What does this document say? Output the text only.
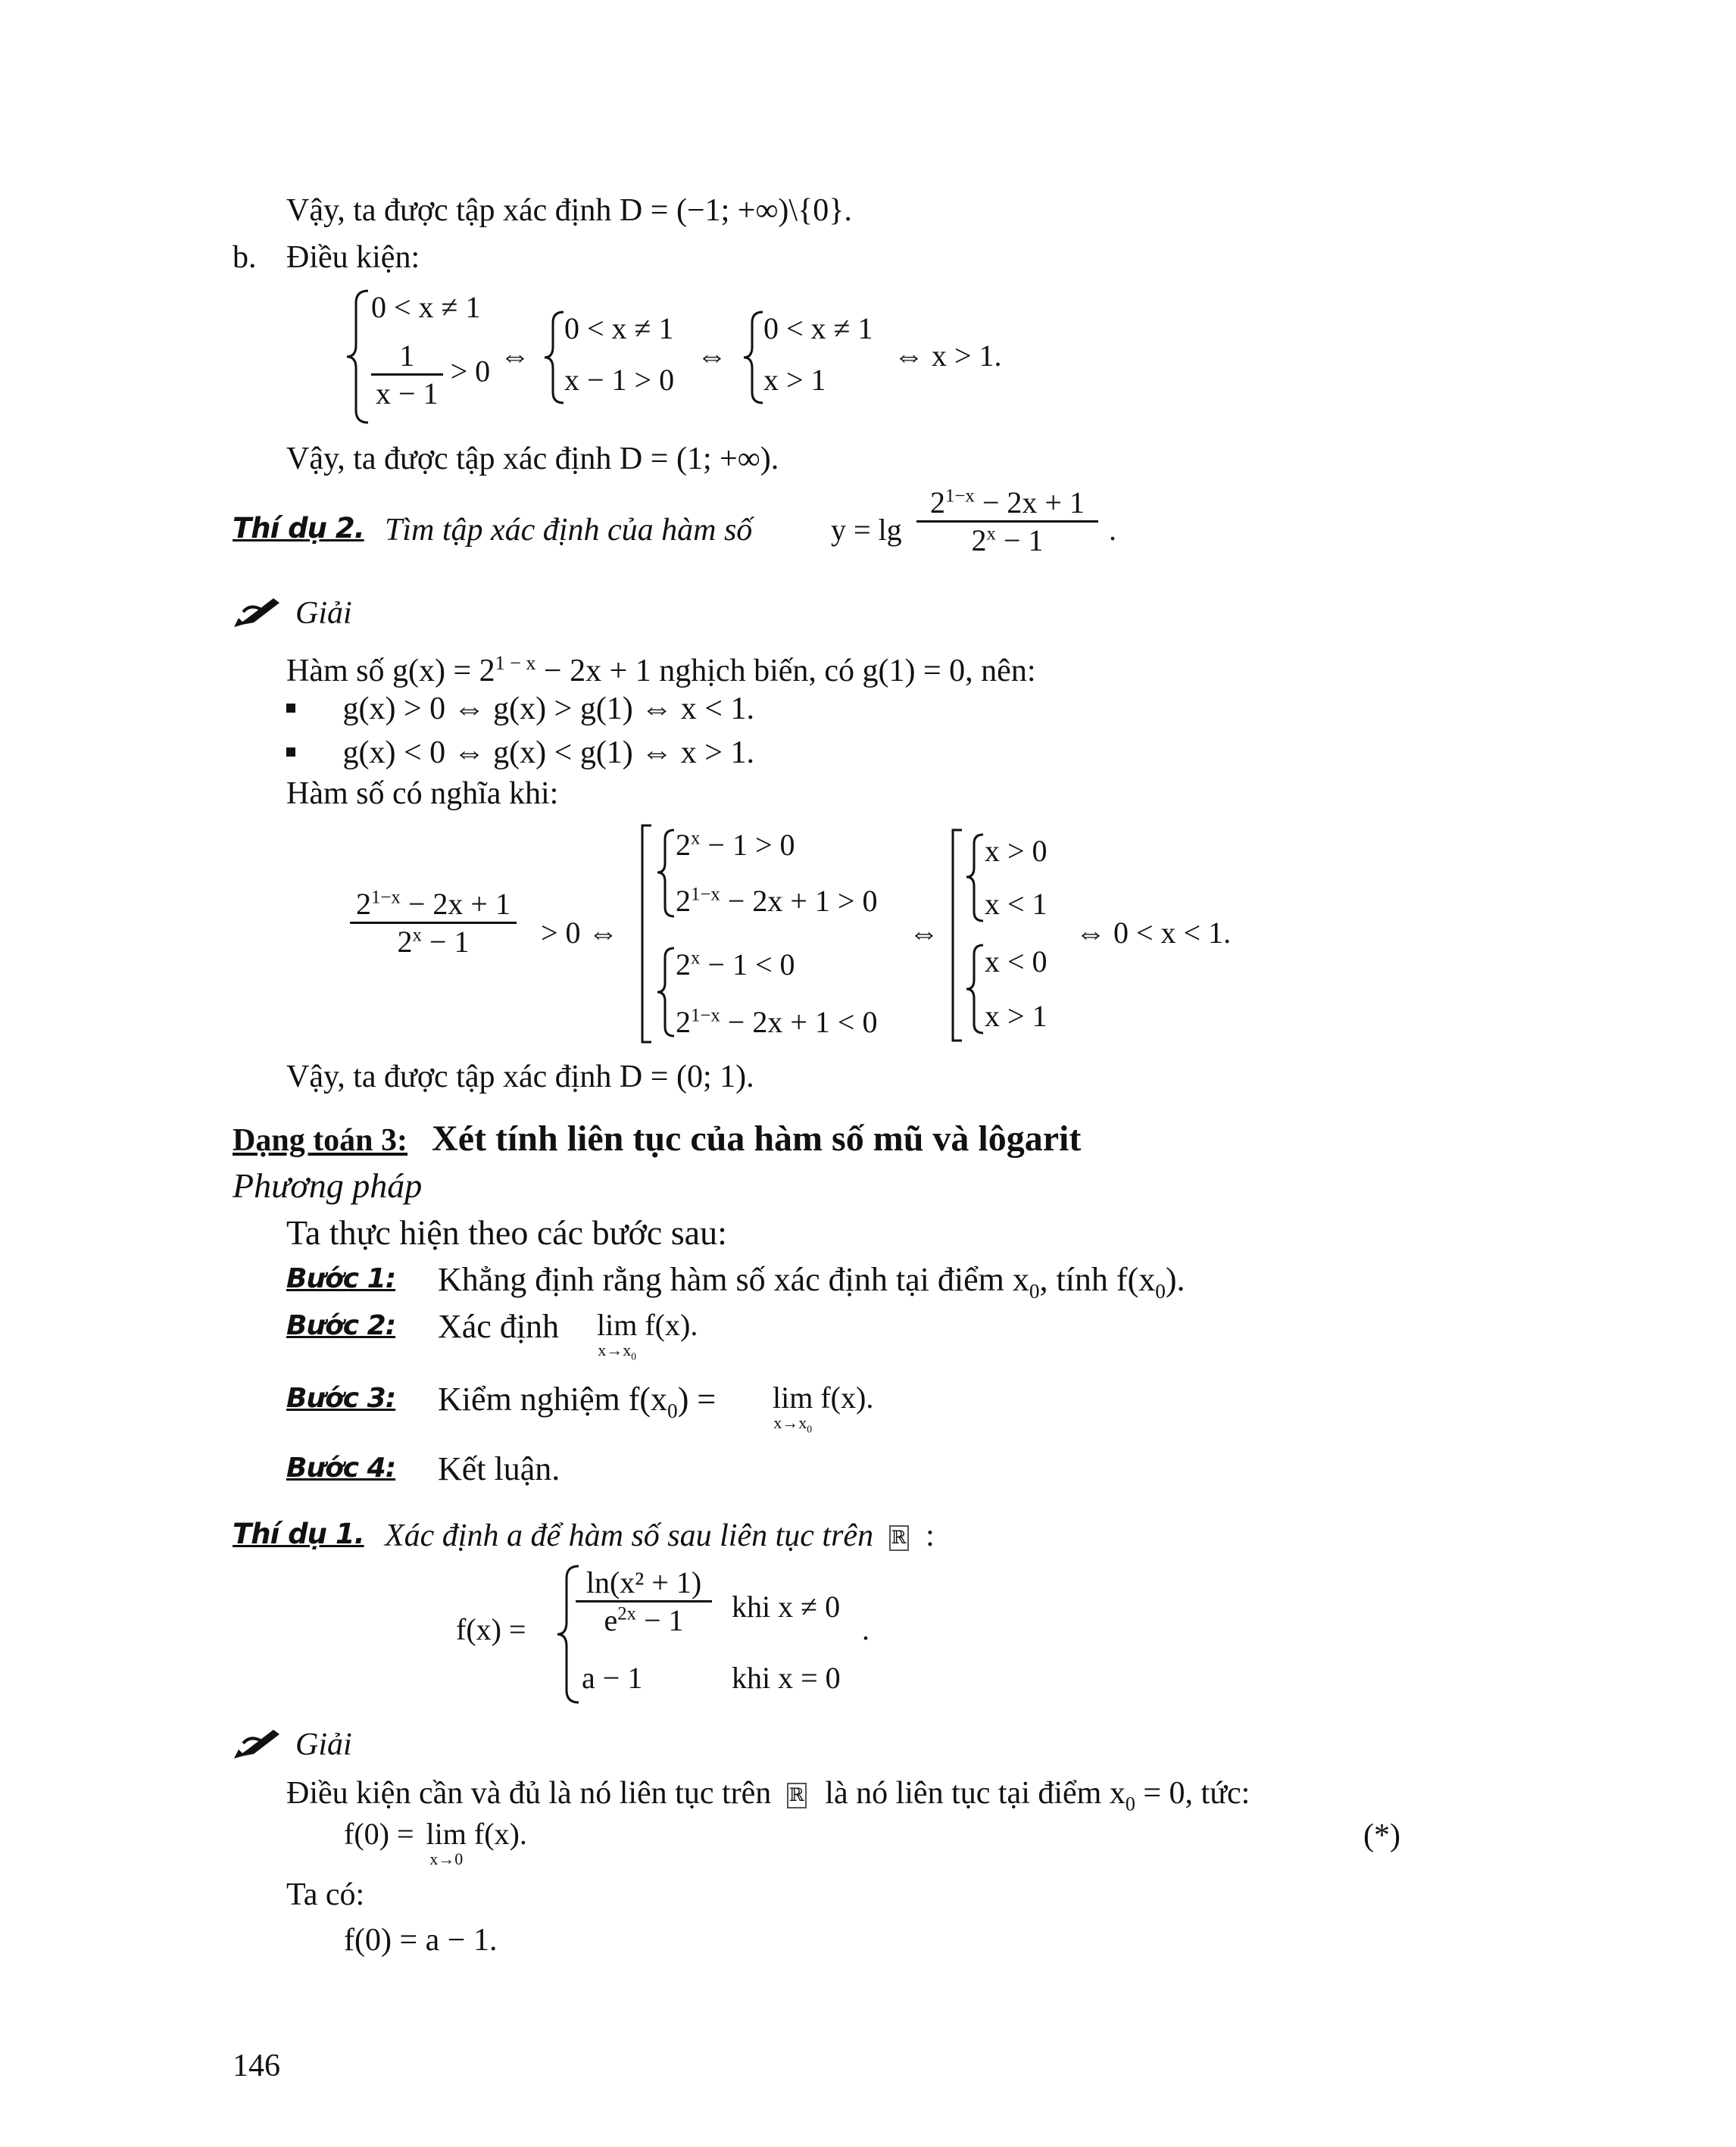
Vậy, ta được tập xác định D = (−1; +∞)\{0}.
b. Điều kiện:
0 < x ≠ 1
$\frac{1}{x - 1} > 0$ ⇔
0 < x ≠ 1
x − 1 > 0
⇔
0 < x ≠ 1
x > 1
⇔ x > 1.
Vậy, ta được tập xác định D = (1; +∞).
Thí dụ 2. Tìm tập xác định của hàm số	$y = \lg \frac{2^{1-x} - 2x + 1}{2^x - 1}$ .
Giải
Hàm số $g(x) = 2^{1 - x} - 2x + 1$ nghịch biến, có g(1) = 0, nên:
g(x) > 0 ⇔ g(x) > g(1) ⇔ x < 1.
g(x) < 0 ⇔ g(x) < g(1) ⇔ x > 1.
Hàm số có nghĩa khi:
$\frac{2^{1-x} - 2x + 1}{2^x - 1} > 0$ ⇔
$2^x - 1 > 0$
$2^{1-x} - 2x + 1 > 0$
$2^x - 1 < 0$
$2^{1-x} - 2x + 1 < 0$
⇔
x > 0
x < 1
x < 0
x > 1
⇔ 0 < x < 1.
Vậy, ta được tập xác định D = (0; 1).
Dạng toán 3: Xét tính liên tục của hàm số mũ và lôgarit
Phương pháp
Ta thực hiện theo các bước sau:
Bước 1: Khẳng định rằng hàm số xác định tại điểm $x_0$, tính $f(x_0)$.
Bước 2: Xác định lim
$x\to x_0$
f(x).
Bước 3: Kiểm nghiệm $f(x_0) = \lim$
$x\to x_0$
f(x).
Bước 4: Kết luận.
Thí dụ 1. Xác định a để hàm số sau liên tục trên ℝ :
$f(x) = \frac{\text{ln(x² + 1)}}{e^{2x} - 1}$ khi x ≠ 0
a − 1	khi x = 0
.
Giải
Điều kiện cần và đủ là nó liên tục trên ℝ là nó liên tục tại điểm $x_0 = 0$, tức:
f(0) = lim
x→0
f(x).	(*)
Ta có:
f(0) = a − 1.
146
